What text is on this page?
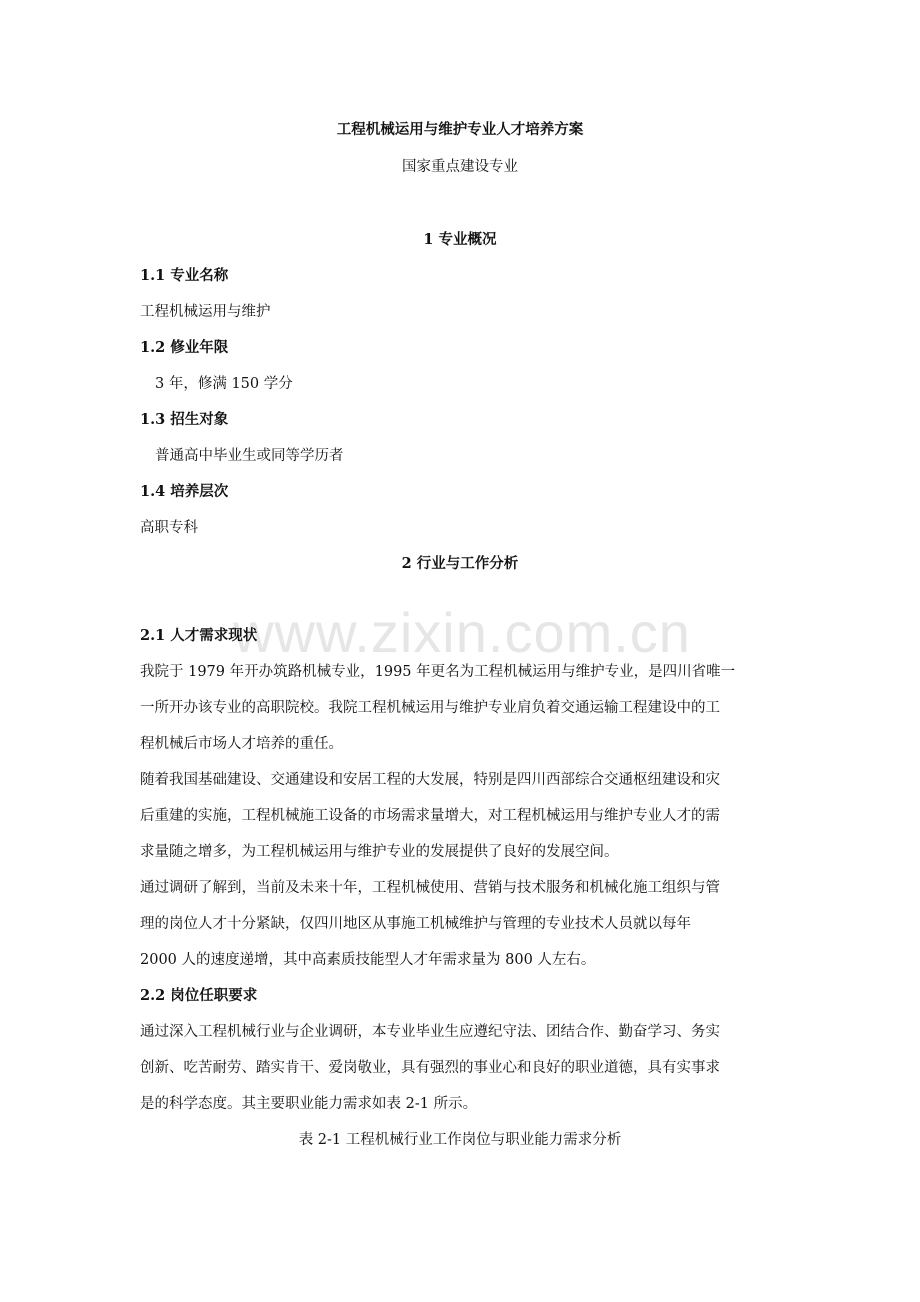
www.zixin.com.cn
工程机械运用与维护专业人才培养方案
国家重点建设专业
1 专业概况
1.1 专业名称
工程机械运用与维护
1.2 修业年限
3 年，修满 150 学分
1.3 招生对象
普通高中毕业生或同等学历者
1.4 培养层次
高职专科
2 行业与工作分析
2.1 人才需求现状
我院于 1979 年开办筑路机械专业，1995 年更名为工程机械运用与维护专业，是四川省唯一
一所开办该专业的高职院校。我院工程机械运用与维护专业肩负着交通运输工程建设中的工
程机械后市场人才培养的重任。
随着我国基础建设、交通建设和安居工程的大发展，特别是四川西部综合交通枢纽建设和灾
后重建的实施，工程机械施工设备的市场需求量增大，对工程机械运用与维护专业人才的需
求量随之增多，为工程机械运用与维护专业的发展提供了良好的发展空间。
通过调研了解到，当前及未来十年，工程机械使用、营销与技术服务和机械化施工组织与管
理的岗位人才十分紧缺，仅四川地区从事施工机械维护与管理的专业技术人员就以每年
2000 人的速度递增，其中高素质技能型人才年需求量为 800 人左右。
2.2 岗位任职要求
通过深入工程机械行业与企业调研，本专业毕业生应遵纪守法、团结合作、勤奋学习、务实
创新、吃苦耐劳、踏实肯干、爱岗敬业，具有强烈的事业心和良好的职业道德，具有实事求
是的科学态度。其主要职业能力需求如表 2-1 所示。
表 2-1 工程机械行业工作岗位与职业能力需求分析
